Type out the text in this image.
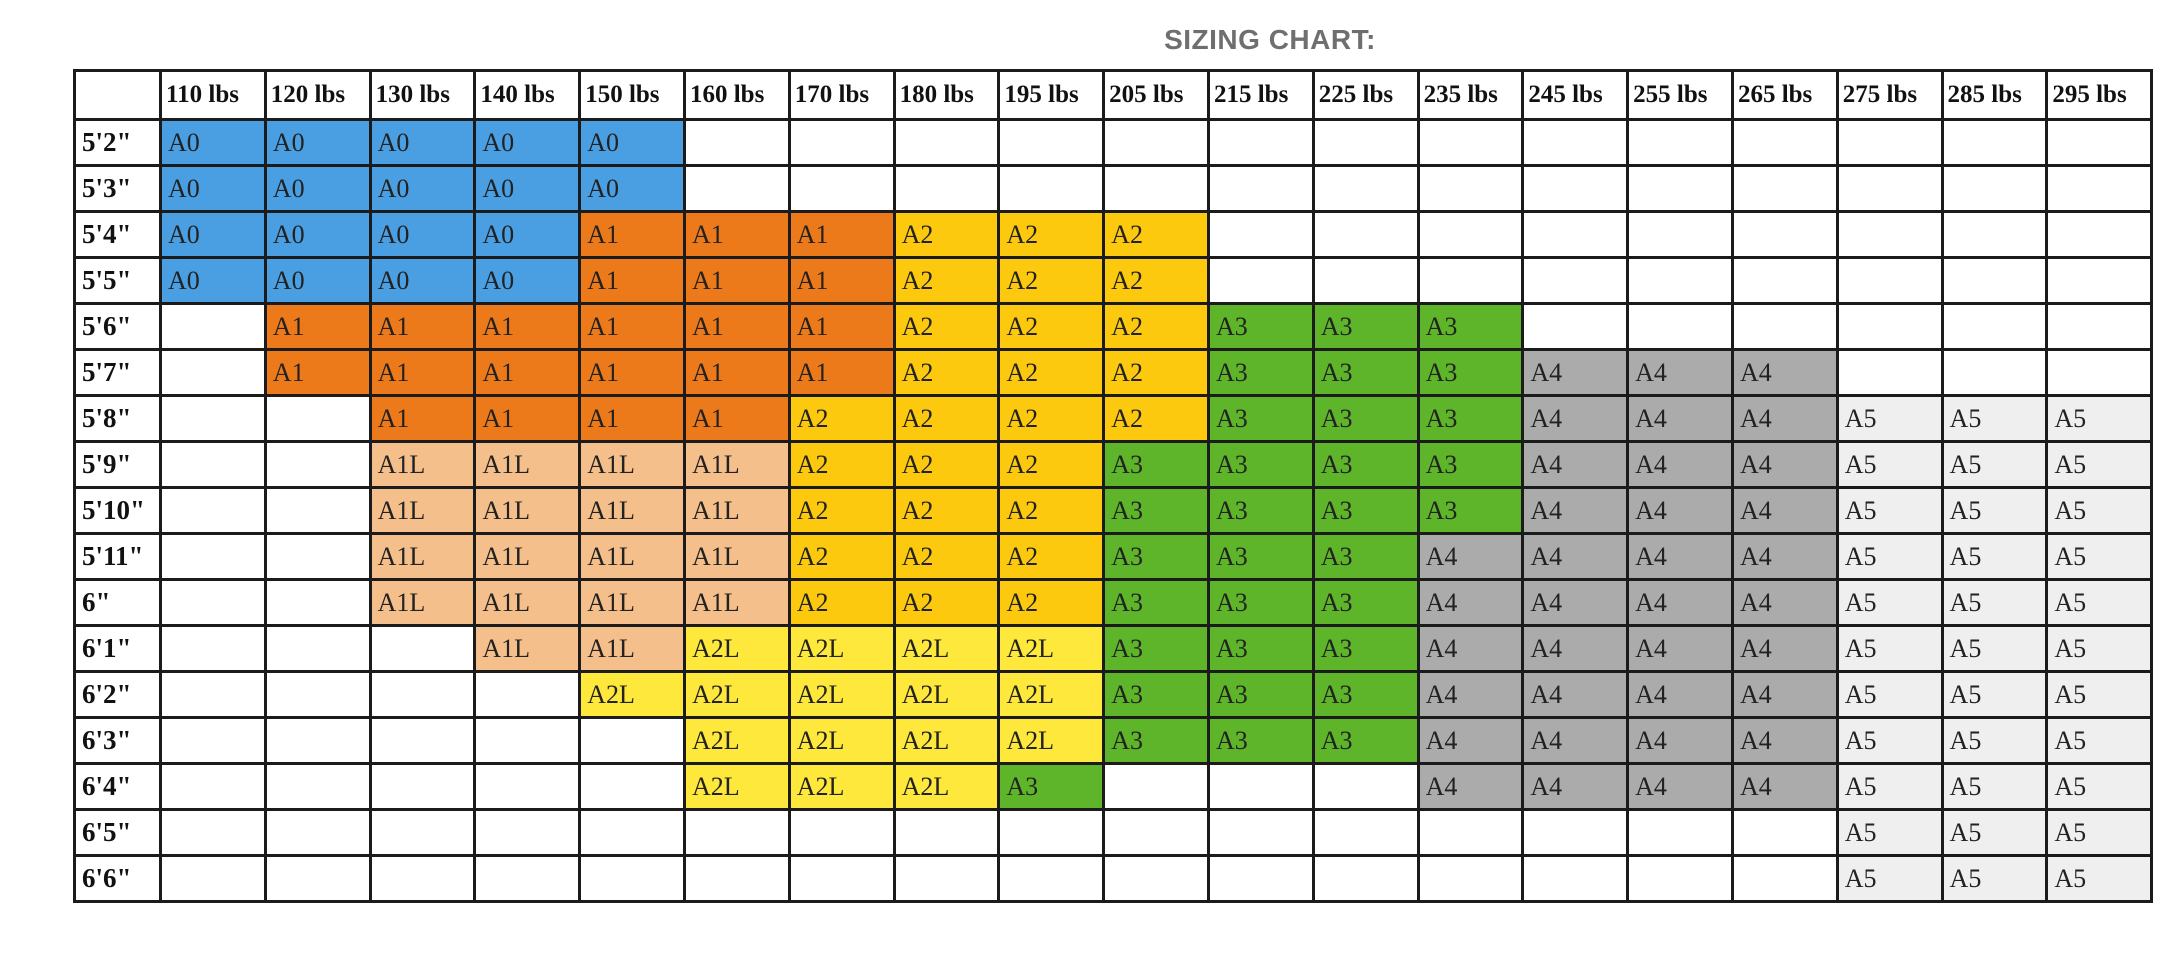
SIZING CHART:
	110 lbs	120 lbs	130 lbs	140 lbs	150 lbs	160 lbs	170 lbs	180 lbs	195 lbs	205 lbs	215 lbs	225 lbs	235 lbs	245 lbs	255 lbs	265 lbs	275 lbs	285 lbs	295 lbs
5'2"	A0	A0	A0	A0	A0														
5'3"	A0	A0	A0	A0	A0														
5'4"	A0	A0	A0	A0	A1	A1	A1	A2	A2	A2									
5'5"	A0	A0	A0	A0	A1	A1	A1	A2	A2	A2									
5'6"		A1	A1	A1	A1	A1	A1	A2	A2	A2	A3	A3	A3						
5'7"		A1	A1	A1	A1	A1	A1	A2	A2	A2	A3	A3	A3	A4	A4	A4			
5'8"			A1	A1	A1	A1	A2	A2	A2	A2	A3	A3	A3	A4	A4	A4	A5	A5	A5
5'9"			A1L	A1L	A1L	A1L	A2	A2	A2	A3	A3	A3	A3	A4	A4	A4	A5	A5	A5
5'10"			A1L	A1L	A1L	A1L	A2	A2	A2	A3	A3	A3	A3	A4	A4	A4	A5	A5	A5
5'11"			A1L	A1L	A1L	A1L	A2	A2	A2	A3	A3	A3	A4	A4	A4	A4	A5	A5	A5
6"			A1L	A1L	A1L	A1L	A2	A2	A2	A3	A3	A3	A4	A4	A4	A4	A5	A5	A5
6'1"				A1L	A1L	A2L	A2L	A2L	A2L	A3	A3	A3	A4	A4	A4	A4	A5	A5	A5
6'2"					A2L	A2L	A2L	A2L	A2L	A3	A3	A3	A4	A4	A4	A4	A5	A5	A5
6'3"						A2L	A2L	A2L	A2L	A3	A3	A3	A4	A4	A4	A4	A5	A5	A5
6'4"						A2L	A2L	A2L	A3				A4	A4	A4	A4	A5	A5	A5
6'5"																	A5	A5	A5
6'6"																	A5	A5	A5
